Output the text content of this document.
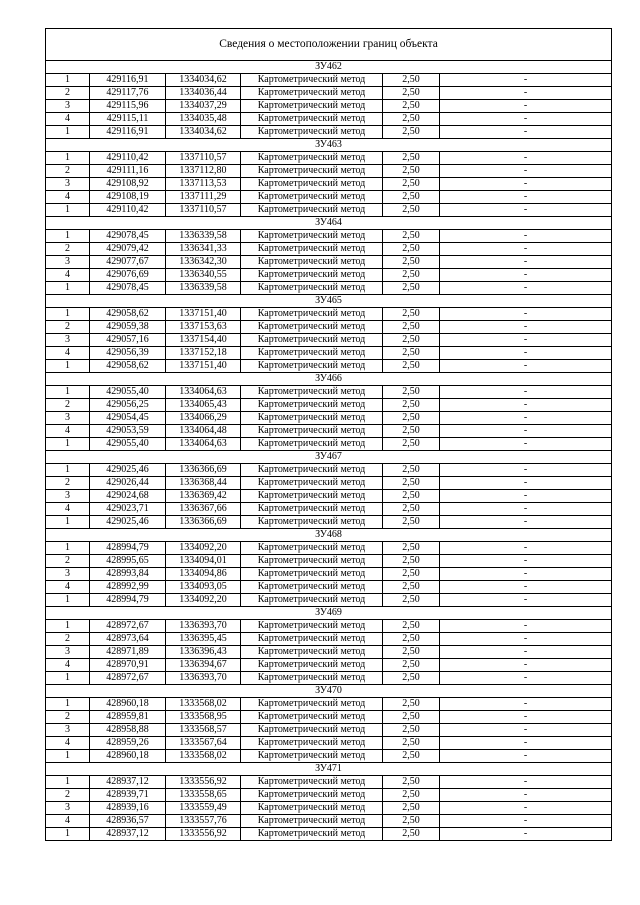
Сведения о местоположении границ объекта					
ЗУ462					
1	429116,91	1334034,62	Картометрический метод	2,50	-
2	429117,76	1334036,44	Картометрический метод	2,50	-
3	429115,96	1334037,29	Картометрический метод	2,50	-
4	429115,11	1334035,48	Картометрический метод	2,50	-
1	429116,91	1334034,62	Картометрический метод	2,50	-
ЗУ463					
1	429110,42	1337110,57	Картометрический метод	2,50	-
2	429111,16	1337112,80	Картометрический метод	2,50	-
3	429108,92	1337113,53	Картометрический метод	2,50	-
4	429108,19	1337111,29	Картометрический метод	2,50	-
1	429110,42	1337110,57	Картометрический метод	2,50	-
ЗУ464					
1	429078,45	1336339,58	Картометрический метод	2,50	-
2	429079,42	1336341,33	Картометрический метод	2,50	-
3	429077,67	1336342,30	Картометрический метод	2,50	-
4	429076,69	1336340,55	Картометрический метод	2,50	-
1	429078,45	1336339,58	Картометрический метод	2,50	-
ЗУ465					
1	429058,62	1337151,40	Картометрический метод	2,50	-
2	429059,38	1337153,63	Картометрический метод	2,50	-
3	429057,16	1337154,40	Картометрический метод	2,50	-
4	429056,39	1337152,18	Картометрический метод	2,50	-
1	429058,62	1337151,40	Картометрический метод	2,50	-
ЗУ466					
1	429055,40	1334064,63	Картометрический метод	2,50	-
2	429056,25	1334065,43	Картометрический метод	2,50	-
3	429054,45	1334066,29	Картометрический метод	2,50	-
4	429053,59	1334064,48	Картометрический метод	2,50	-
1	429055,40	1334064,63	Картометрический метод	2,50	-
ЗУ467					
1	429025,46	1336366,69	Картометрический метод	2,50	-
2	429026,44	1336368,44	Картометрический метод	2,50	-
3	429024,68	1336369,42	Картометрический метод	2,50	-
4	429023,71	1336367,66	Картометрический метод	2,50	-
1	429025,46	1336366,69	Картометрический метод	2,50	-
ЗУ468					
1	428994,79	1334092,20	Картометрический метод	2,50	-
2	428995,65	1334094,01	Картометрический метод	2,50	-
3	428993,84	1334094,86	Картометрический метод	2,50	-
4	428992,99	1334093,05	Картометрический метод	2,50	-
1	428994,79	1334092,20	Картометрический метод	2,50	-
ЗУ469					
1	428972,67	1336393,70	Картометрический метод	2,50	-
2	428973,64	1336395,45	Картометрический метод	2,50	-
3	428971,89	1336396,43	Картометрический метод	2,50	-
4	428970,91	1336394,67	Картометрический метод	2,50	-
1	428972,67	1336393,70	Картометрический метод	2,50	-
ЗУ470					
1	428960,18	1333568,02	Картометрический метод	2,50	-
2	428959,81	1333568,95	Картометрический метод	2,50	-
3	428958,88	1333568,57	Картометрический метод	2,50	-
4	428959,26	1333567,64	Картометрический метод	2,50	-
1	428960,18	1333568,02	Картометрический метод	2,50	-
ЗУ471					
1	428937,12	1333556,92	Картометрический метод	2,50	-
2	428939,71	1333558,65	Картометрический метод	2,50	-
3	428939,16	1333559,49	Картометрический метод	2,50	-
4	428936,57	1333557,76	Картометрический метод	2,50	-
1	428937,12	1333556,92	Картометрический метод	2,50	-
